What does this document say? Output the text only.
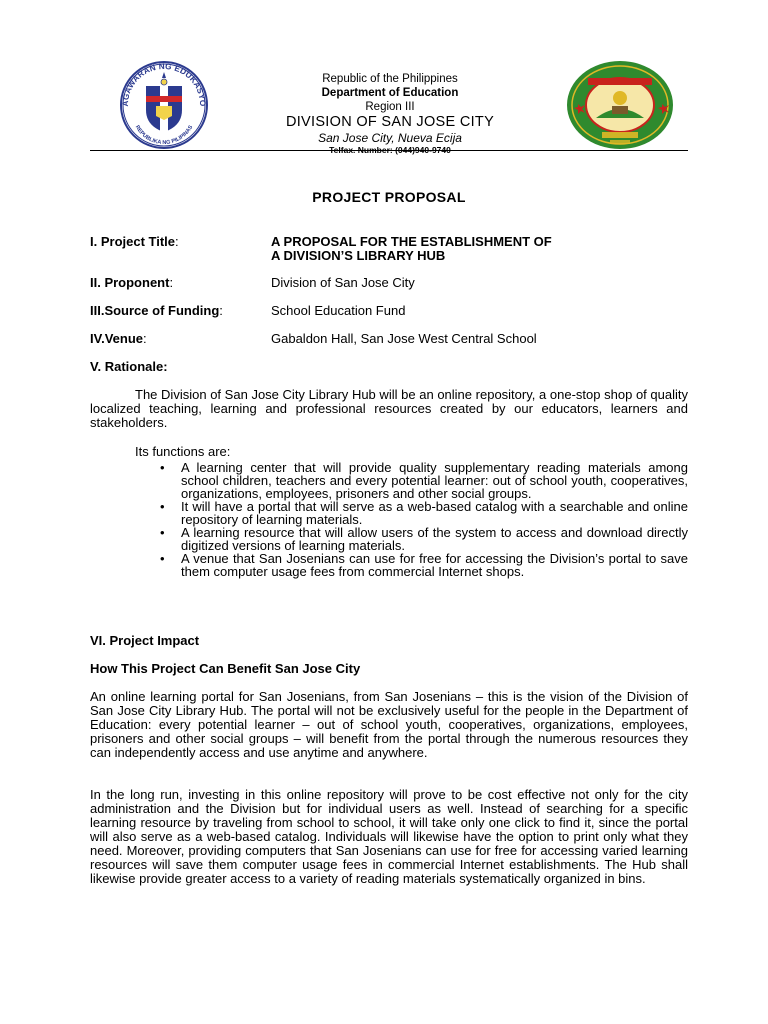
AGAWARAN NG EDUKASYO
REPUBLIKA NG PILIPINAS
Republic of the Philippines
Department of Education
Region III
DIVISION OF SAN JOSE CITY
San Jose City, Nueva Ecija
Telfax. Number: (044)940-9740
PROJECT PROPOSAL
I. Project Title:	A PROPOSAL FOR THE ESTABLISHMENT OF
A DIVISION’S LIBRARY HUB
II. Proponent:	Division of San Jose City
III.Source of Funding:	School Education Fund
IV.Venue:	Gabaldon Hall, San Jose West Central School
V. Rationale:
The Division of San Jose City Library Hub will be an online repository, a one-stop shop of quality localized teaching, learning and professional resources created by our educators, learners and stakeholders.
Its functions are:
• A learning center that will provide quality supplementary reading materials among school children, teachers and every potential learner: out of school youth, cooperatives, organizations, employees, prisoners and other social groups.
• It will have a portal that will serve as a web-based catalog with a searchable and online repository of learning materials.
• A learning resource that will allow users of the system to access and download directly digitized versions of learning materials.
• A venue that San Josenians can use for free for accessing the Division’s portal to save them computer usage fees from commercial Internet shops.
VI. Project Impact
How This Project Can Benefit San Jose City
An online learning portal for San Josenians, from San Josenians – this is the vision of the Division of San Jose City Library Hub. The portal will not be exclusively useful for the people in the Department of Education: every potential learner – out of school youth, cooperatives, organizations, employees, prisoners and other social groups – will benefit from the portal through the numerous resources they can independently access and use anytime and anywhere.
In the long run, investing in this online repository will prove to be cost effective not only for the city administration and the Division but for individual users as well. Instead of searching for a specific learning resource by traveling from school to school, it will take only one click to find it, since the portal will also serve as a web-based catalog. Individuals will likewise have the option to print only what they need. Moreover, providing computers that San Josenians can use for free for accessing varied learning resources will save them computer usage fees in commercial Internet establishments. The Hub shall likewise provide greater access to a variety of reading materials systematically organized in bins.
